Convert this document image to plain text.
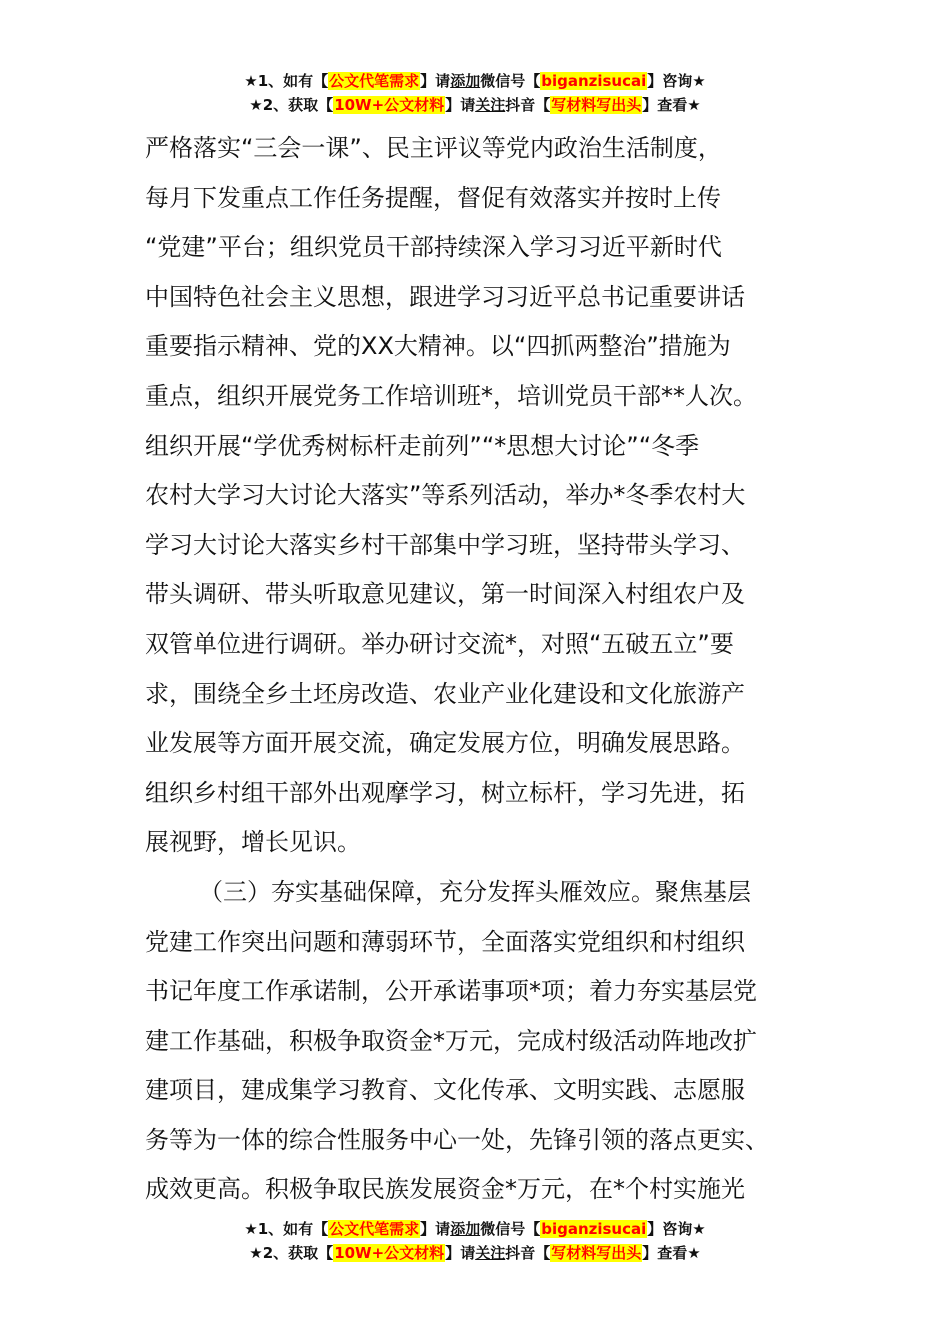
★1、如有【公文代笔需求】请添加微信号【biganzisucai】咨询★
★2、获取【10W+公文材料】请关注抖音【写材料写出头】查看★
严格落实“三会一课”、民主评议等党内政治生活制度，
每月下发重点工作任务提醒，督促有效落实并按时上传
“党建”平台；组织党员干部持续深入学习习近平新时代
中国特色社会主义思想，跟进学习习近平总书记重要讲话
重要指示精神、党的XX大精神。以“四抓两整治”措施为
重点，组织开展党务工作培训班*，培训党员干部**人次。
组织开展“学优秀树标杆走前列”“*思想大讨论”“冬季
农村大学习大讨论大落实”等系列活动，举办*冬季农村大
学习大讨论大落实乡村干部集中学习班，坚持带头学习、
带头调研、带头听取意见建议，第一时间深入村组农户及
双管单位进行调研。举办研讨交流*，对照“五破五立”要
求，围绕全乡土坯房改造、农业产业化建设和文化旅游产
业发展等方面开展交流，确定发展方位，明确发展思路。
组织乡村组干部外出观摩学习，树立标杆，学习先进，拓
展视野，增长见识。
（三）夯实基础保障，充分发挥头雁效应。聚焦基层
党建工作突出问题和薄弱环节，全面落实党组织和村组织
书记年度工作承诺制，公开承诺事项*项；着力夯实基层党
建工作基础，积极争取资金*万元，完成村级活动阵地改扩
建项目，建成集学习教育、文化传承、文明实践、志愿服
务等为一体的综合性服务中心一处，先锋引领的落点更实、
成效更高。积极争取民族发展资金*万元，在*个村实施光
★1、如有【公文代笔需求】请添加微信号【biganzisucai】咨询★
★2、获取【10W+公文材料】请关注抖音【写材料写出头】查看★
